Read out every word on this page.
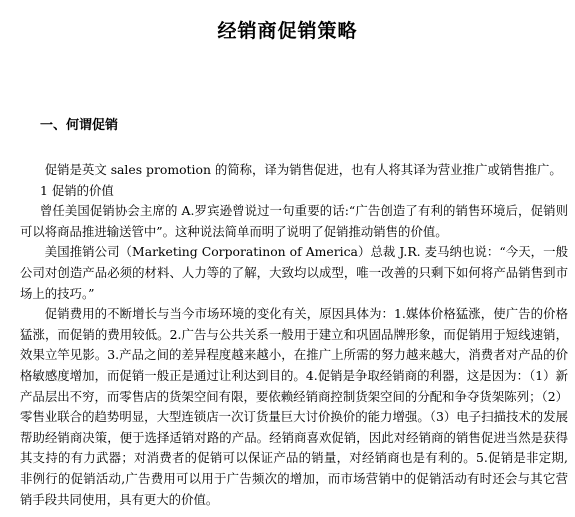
经销商促销策略
一、何谓促销

促销是英文 sales promotion 的简称，译为销售促进，也有人将其译为营业推广或销售推广。

1 促销的价值

曾任美国促销协会主席的 A.罗宾逊曾说过一句重要的话:“广告创造了有利的销售环境后，促销则可以将商品推进输送管中”。这种说法简单而明了说明了促销推动销售的价值。

美国推销公司（Marketing Corporatinon of America）总裁 J.R. 麦马纳也说：“今天，一般公司对创造产品必须的材料、人力等的了解，大致均以成型，唯一改善的只剩下如何将产品销售到市场上的技巧。”

促销费用的不断增长与当今市场环境的变化有关，原因具体为：1.媒体价格猛涨，使广告的价格猛涨，而促销的费用较低。2.广告与公共关系一般用于建立和巩固品牌形象，而促销用于短线速销，效果立竿见影。3.产品之间的差异程度越来越小，在推广上所需的努力越来越大，消费者对产品的价格敏感度增加，而促销一般正是通过让利达到目的。4.促销是争取经销商的利器，这是因为：（1）新产品层出不穷，而零售店的货架空间有限，要依赖经销商控制货架空间的分配和争夺货架陈列；（2）零售业联合的趋势明显，大型连锁店一次订货量巨大讨价换价的能力增强。（3）电子扫描技术的发展帮助经销商决策，便于选择适销对路的产品。经销商喜欢促销，因此对经销商的销售促进当然是获得其支持的有力武器；对消费者的促销可以保证产品的销量，对经销商也是有利的。5.促销是非定期,非例行的促销活动,广告费用可以用于广告频次的增加，而市场营销中的促销活动有时还会与其它营销手段共同使用，具有更大的价值。
